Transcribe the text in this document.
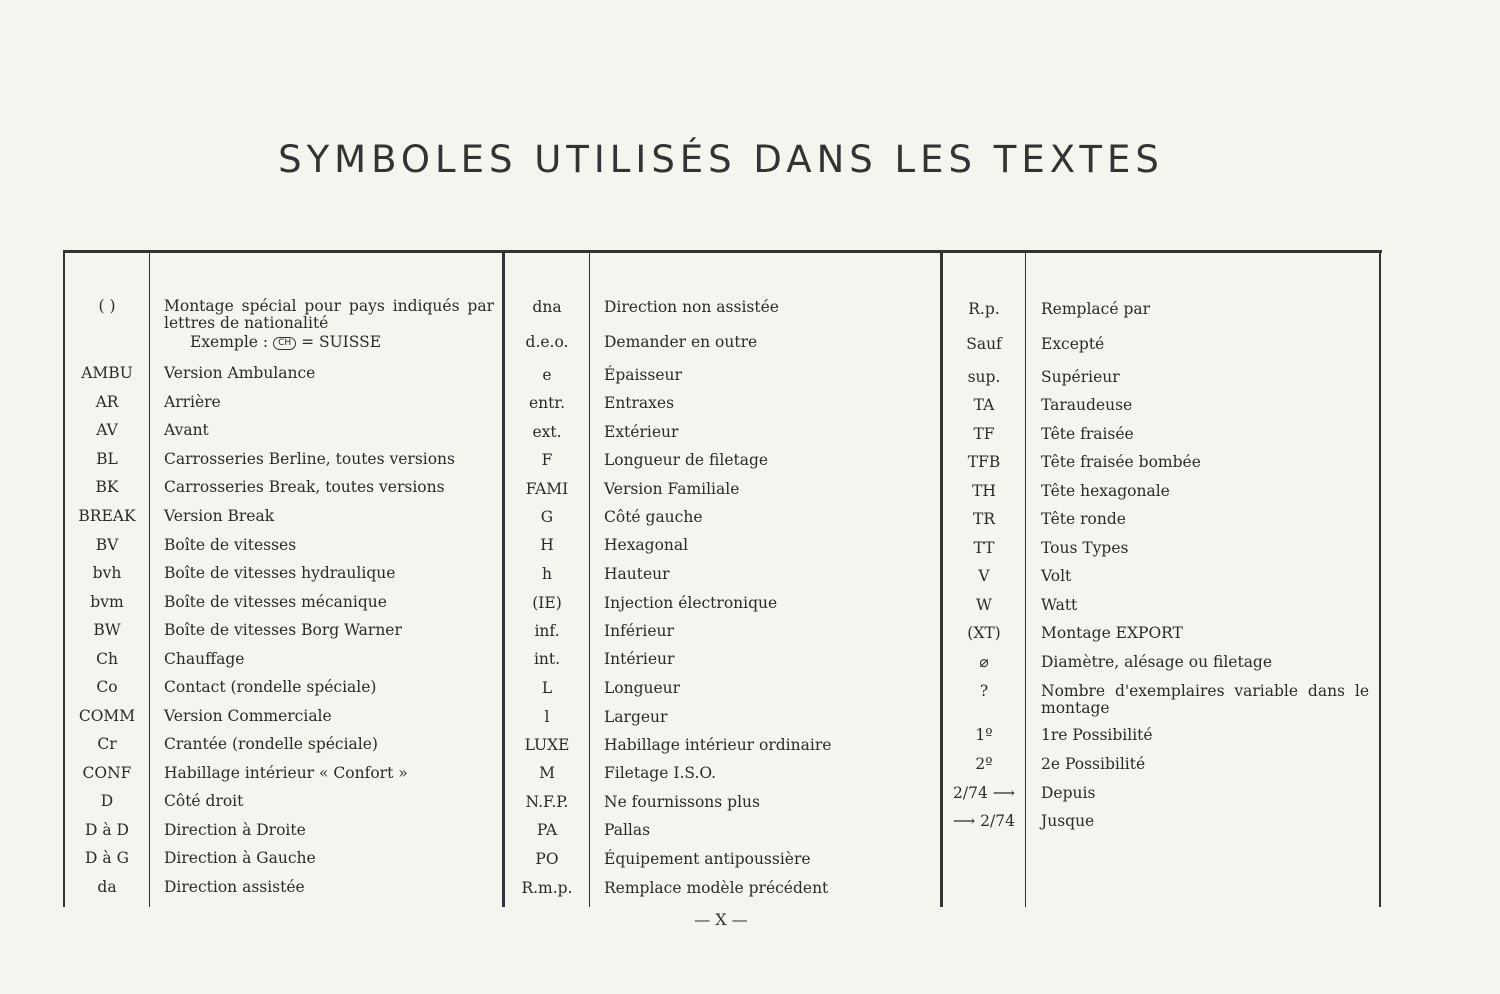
SYMBOLES UTILISÉS DANS LES TEXTES
( )	Montage spécial pour pays indiqués par lettres de nationalité
Exemple : CH = SUISSE
AMBU	Version Ambulance
AR	Arrière
AV	Avant
BL	Carrosseries Berline, toutes versions
BK	Carrosseries Break, toutes versions
BREAK	Version Break
BV	Boîte de vitesses
bvh	Boîte de vitesses hydraulique
bvm	Boîte de vitesses mécanique
BW	Boîte de vitesses Borg Warner
Ch	Chauffage
Co	Contact (rondelle spéciale)
COMM	Version Commerciale
Cr	Crantée (rondelle spéciale)
CONF	Habillage intérieur « Confort »
D	Côté droit
D à D	Direction à Droite
D à G	Direction à Gauche
da	Direction assistée
dna	Direction non assistée
d.e.o.	Demander en outre
e	Épaisseur
entr.	Entraxes
ext.	Extérieur
F	Longueur de filetage
FAMI	Version Familiale
G	Côté gauche
H	Hexagonal
h	Hauteur
(IE)	Injection électronique
inf.	Inférieur
int.	Intérieur
L	Longueur
l	Largeur
LUXE	Habillage intérieur ordinaire
M	Filetage I.S.O.
N.F.P.	Ne fournissons plus
PA	Pallas
PO	Équipement antipoussière
R.m.p.	Remplace modèle précédent
R.p.	Remplacé par
Sauf	Excepté
sup.	Supérieur
TA	Taraudeuse
TF	Tête fraisée
TFB	Tête fraisée bombée
TH	Tête hexagonale
TR	Tête ronde
TT	Tous Types
V	Volt
W	Watt
(XT)	Montage EXPORT
⌀	Diamètre, alésage ou filetage
?	Nombre d'exemplaires variable dans le montage
1º	1re Possibilité
2º	2e Possibilité
2/74 ⟶	Depuis
⟶ 2/74	Jusque
— X —
